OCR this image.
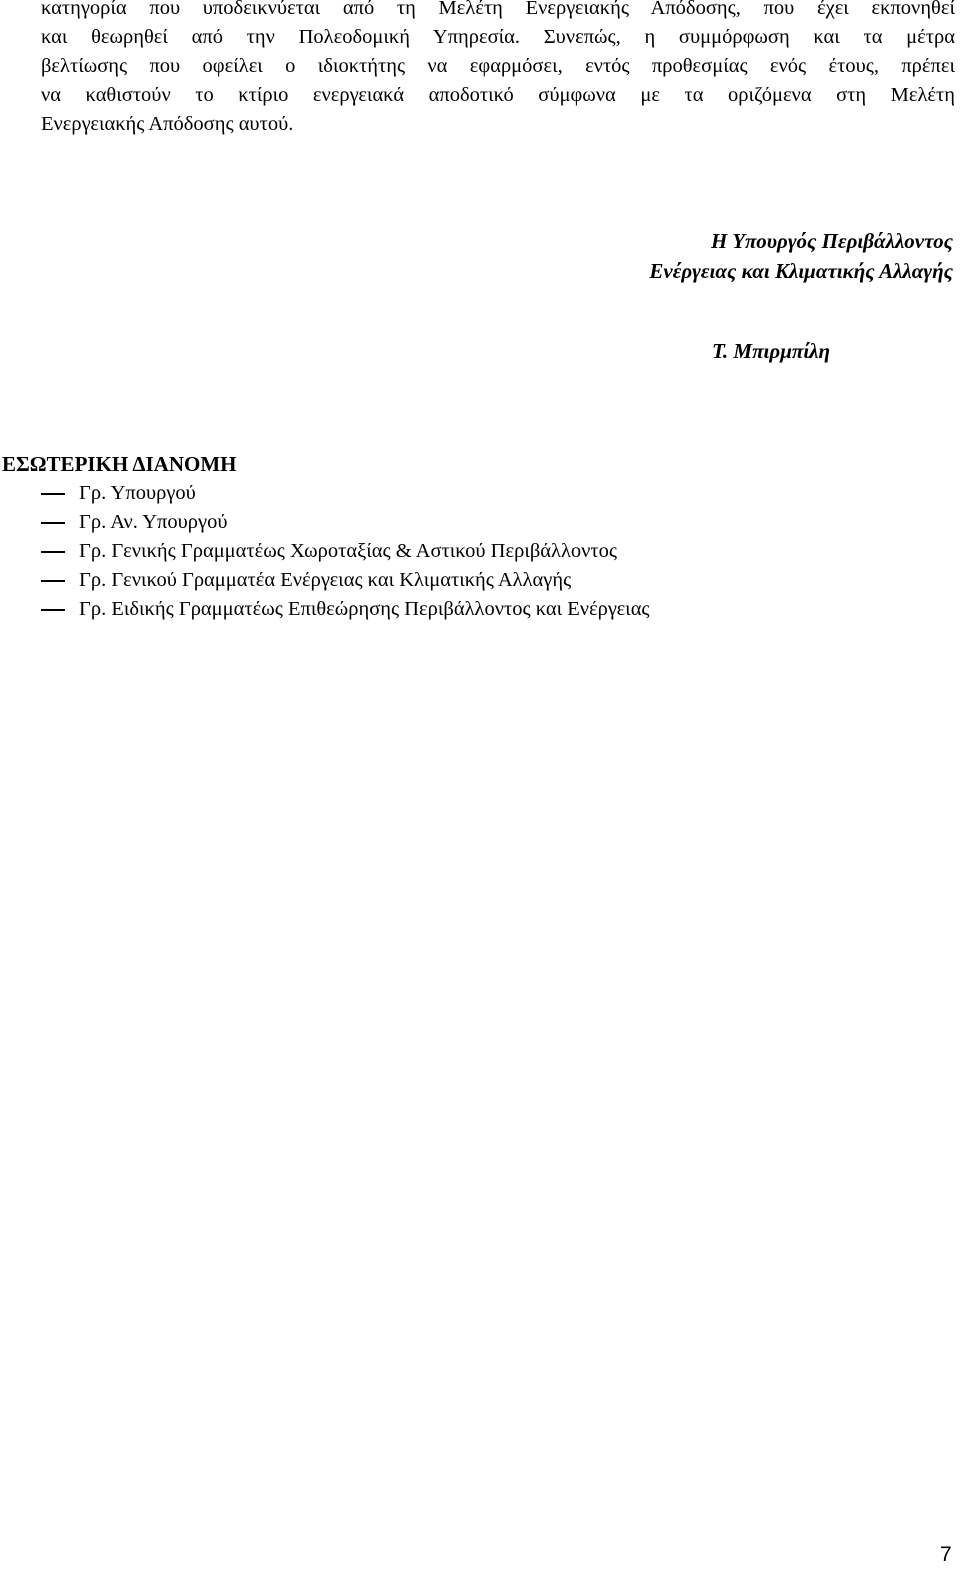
κατηγορία που υποδεικνύεται από τη Μελέτη Ενεργειακής Απόδοσης, που έχει εκπονηθεί
και θεωρηθεί από την Πολεοδομική Υπηρεσία. Συνεπώς, η συμμόρφωση και τα μέτρα
βελτίωσης που οφείλει ο ιδιοκτήτης να εφαρμόσει, εντός προθεσμίας ενός έτους, πρέπει
να καθιστούν το κτίριο ενεργειακά αποδοτικό σύμφωνα με τα οριζόμενα στη Μελέτη
Ενεργειακής Απόδοσης αυτού.
Η Υπουργός Περιβάλλοντος
Ενέργειας και Κλιματικής Αλλαγής
Τ. Μπιρμπίλη
ΕΣΩΤΕΡΙΚΗ ΔΙΑΝΟΜΗ
Γρ. Υπουργού
Γρ. Αν. Υπουργού
Γρ. Γενικής Γραμματέως Χωροταξίας & Αστικού Περιβάλλοντος
Γρ. Γενικού Γραμματέα Ενέργειας και Κλιματικής Αλλαγής
Γρ. Ειδικής Γραμματέως Επιθεώρησης Περιβάλλοντος και Ενέργειας
7
